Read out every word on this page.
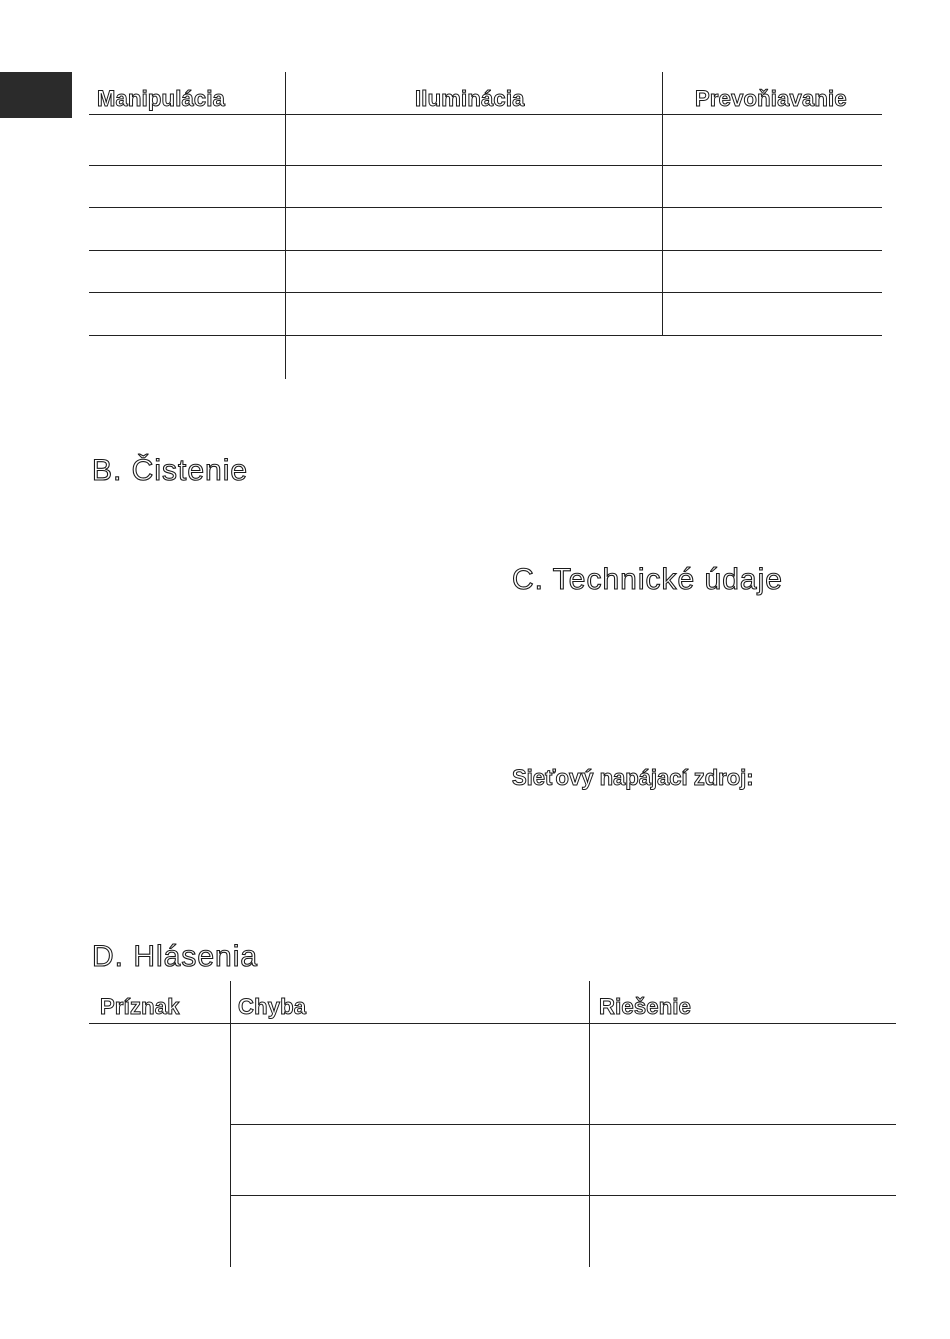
Manipulácia	Iluminácia	Prevoňiavanie
B. Čistenie
C. Technické údaje
Sieťový napájací zdroj:
D. Hlásenia
Príznak	Chyba	Riešenie
